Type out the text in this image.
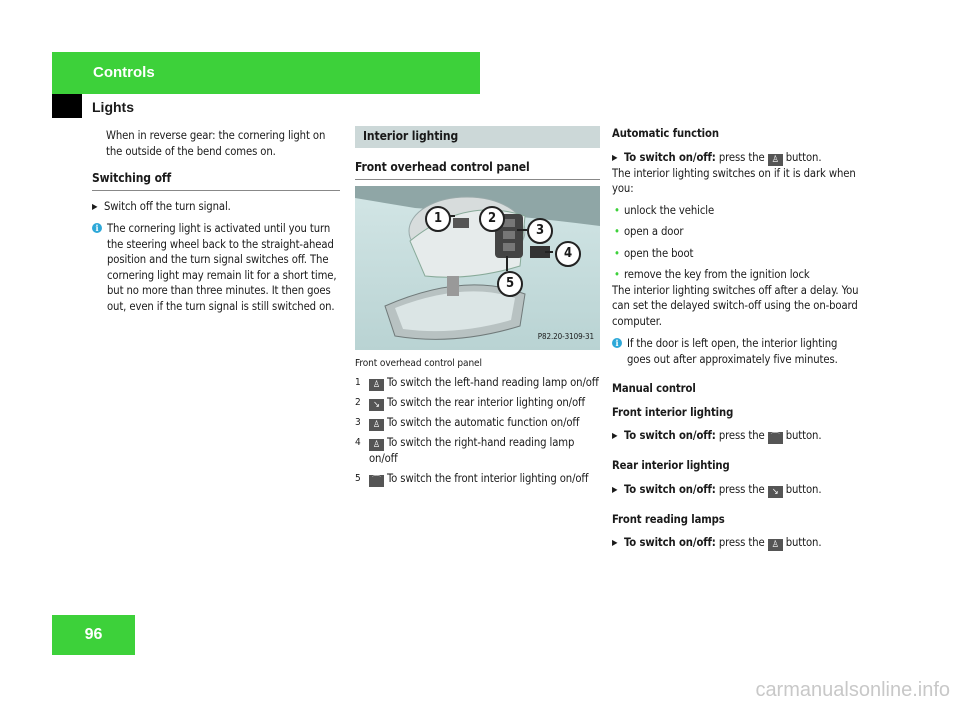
Controls
Lights

When in reverse gear: the cornering light on the outside of the bend comes on.

Switching off
▶ Switch off the turn signal.
i The cornering light is activated until you turn the steering wheel back to the straight-ahead position and the turn signal switches off. The cornering light may remain lit for a short time, but no more than three minutes. It then goes out, even if the turn signal is still switched on.
Interior lighting
Front overhead control panel
1	2
3
4
5
P82.20-3109-31
Front overhead control panel
1	♙ To switch the left-hand reading lamp on/off
2	↘ To switch the rear interior lighting on/off
3	♙ To switch the automatic function on/off
4	♙ To switch the right-hand reading lamp on/off
5	⌒ To switch the front interior lighting on/off
Automatic function
▶ To switch on/off: press the ♙ button.

The interior lighting switches on if it is dark when you:

• unlock the vehicle
• open a door
• open the boot
• remove the key from the ignition lock

The interior lighting switches off after a delay. You can set the delayed switch-off using the on-board computer.

i If the door is left open, the interior lighting goes out after approximately five minutes.
Manual control
Front interior lighting
▶ To switch on/off: press the ⌒ button.
Rear interior lighting
▶ To switch on/off: press the ↘ button.
Front reading lamps
▶ To switch on/off: press the ♙ button.
96
carmanualsonline.info
